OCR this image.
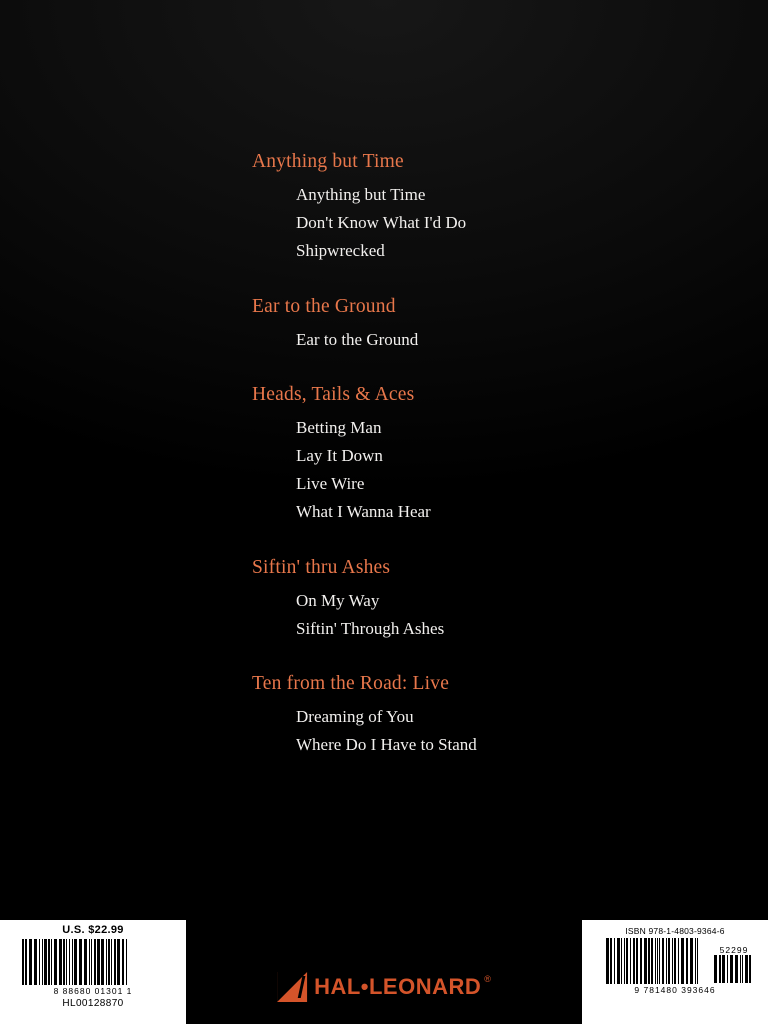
Anything but Time
Anything but Time
Don't Know What I'd Do
Shipwrecked
Ear to the Ground
Ear to the Ground
Heads, Tails & Aces
Betting Man
Lay It Down
Live Wire
What I Wanna Hear
Siftin' thru Ashes
On My Way
Siftin' Through Ashes
Ten from the Road: Live
Dreaming of You
Where Do I Have to Stand
U.S. $22.99
8 88680 01301 1
HL00128870
HAL•LEONARD ®
ISBN 978-1-4803-9364-6
9 781480 393646
52299
